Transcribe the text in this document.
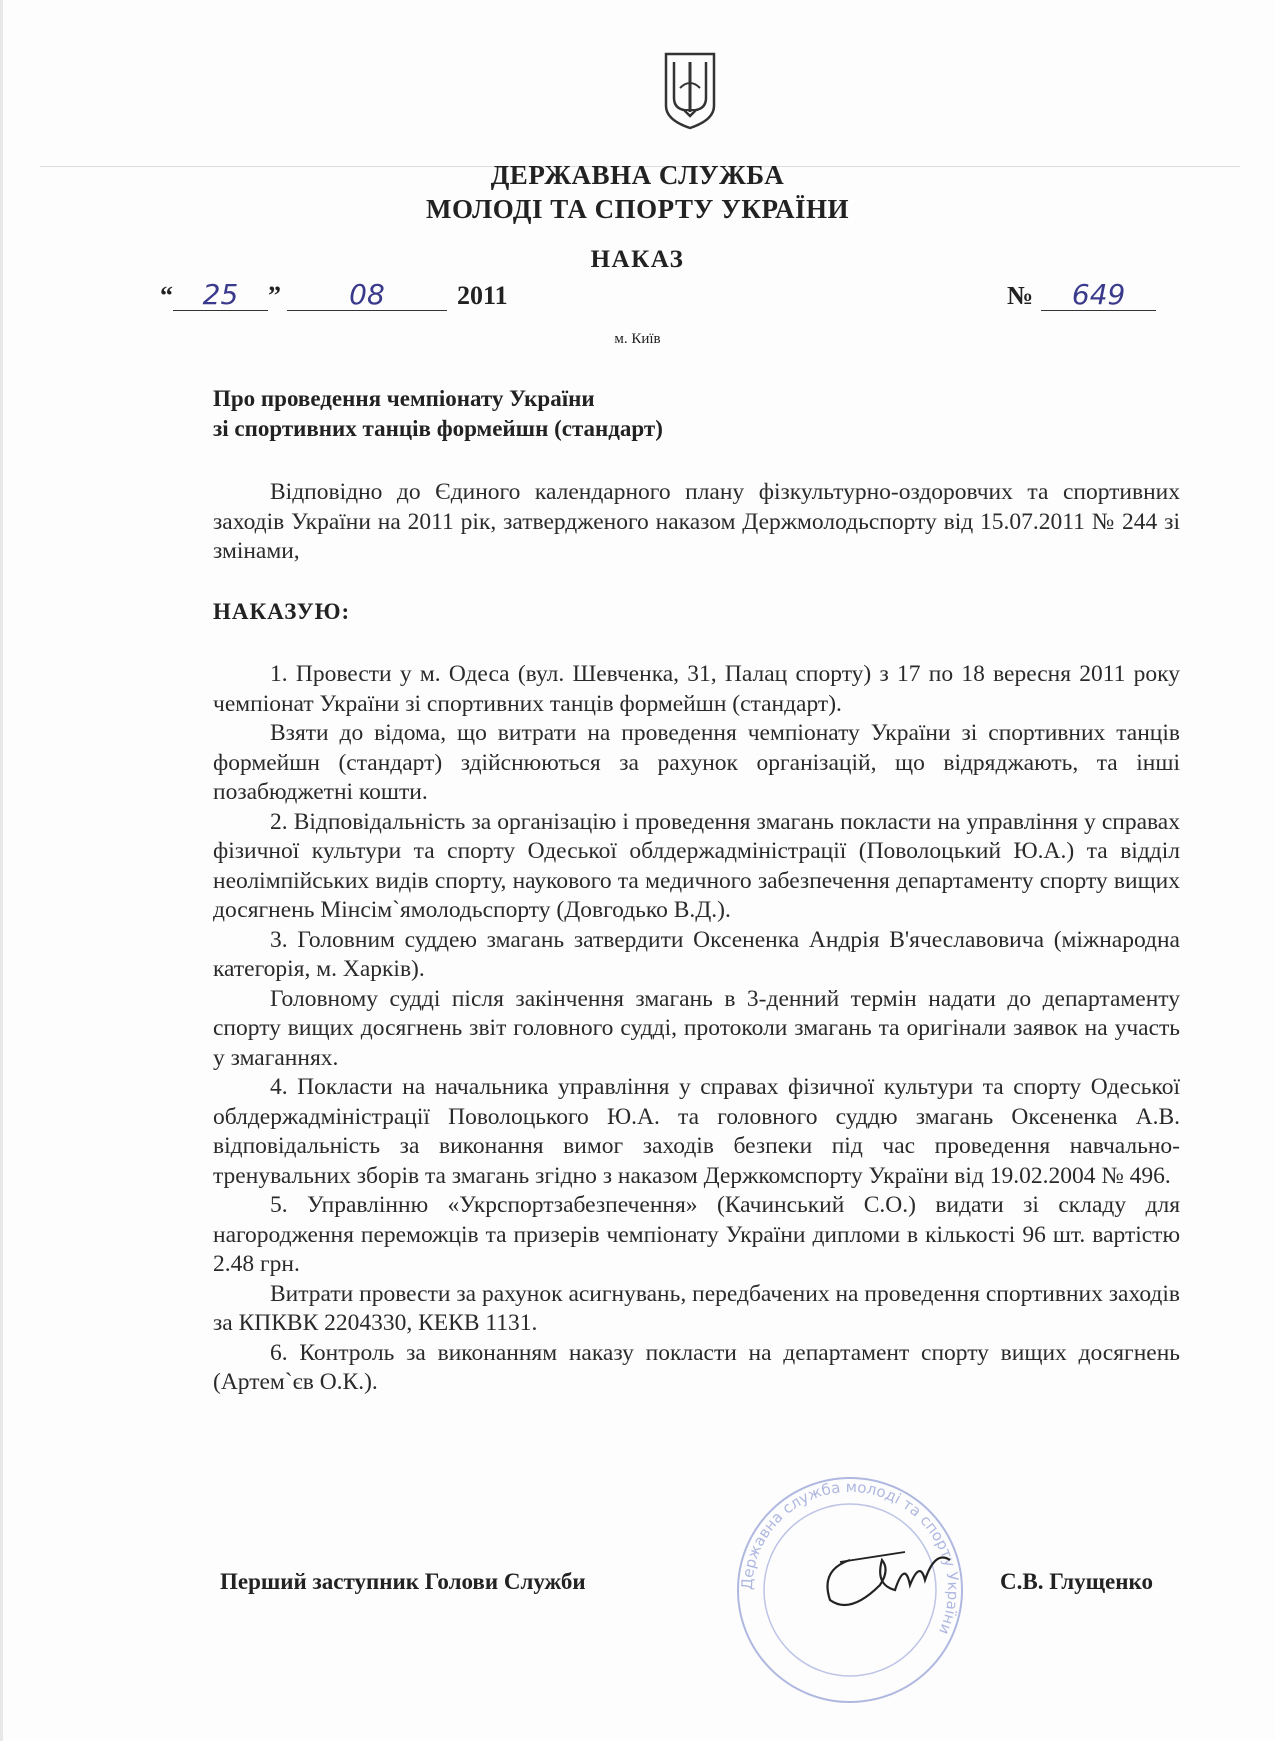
ДЕРЖАВНА СЛУЖБА
МОЛОДІ ТА СПОРТУ УКРАЇНИ
НАКАЗ
“ 25 ” 08	2011	№ 649
м. Київ
Про проведення чемпіонату України
зі спортивних танців формейшн (стандарт)

Відповідно до Єдиного календарного плану фізкультурно-оздоровчих та спортивних заходів України на 2011 рік, затвердженого наказом Держмолодьспорту від 15.07.2011 № 244 зі змінами,

НАКАЗУЮ:

1. Провести у м. Одеса (вул. Шевченка, 31, Палац спорту) з 17 по 18 вересня 2011 року чемпіонат України зі спортивних танців формейшн (стандарт).

Взяти до відома, що витрати на проведення чемпіонату України зі спортивних танців формейшн (стандарт) здійснюються за рахунок організацій, що відряджають, та інші позабюджетні кошти.

2. Відповідальність за організацію і проведення змагань покласти на управління у справах фізичної культури та спорту Одеської облдержадміністрації (Поволоцький Ю.А.) та відділ неолімпійських видів спорту, наукового та медичного забезпечення департаменту спорту вищих досягнень Мінсім`ямолодьспорту (Довгодько В.Д.).

3. Головним суддею змагань затвердити Оксененка Андрія В'ячеславовича (міжнародна категорія, м. Харків).

Головному судді після закінчення змагань в 3-денний термін надати до департаменту спорту вищих досягнень звіт головного судді, протоколи змагань та оригінали заявок на участь у змаганнях.

4. Покласти на начальника управління у справах фізичної культури та спорту Одеської облдержадміністрації Поволоцького Ю.А. та головного суддю змагань Оксененка А.В. відповідальність за виконання вимог заходів безпеки під час проведення навчально-тренувальних зборів та змагань згідно з наказом Держкомспорту України від 19.02.2004 № 496.

5. Управлінню «Укрспортзабезпечення» (Качинський С.О.) видати зі складу для нагородження переможців та призерів чемпіонату України дипломи в кількості 96 шт. вартістю 2.48 грн.

Витрати провести за рахунок асигнувань, передбачених на проведення спортивних заходів за КПКВК 2204330, КЕКВ 1131.

6. Контроль за виконанням наказу покласти на департамент спорту вищих досягнень (Артем`єв О.К.).

Державна служба молоді та спорту України
Перший заступник Голови Служби	С.В. Глущенко
